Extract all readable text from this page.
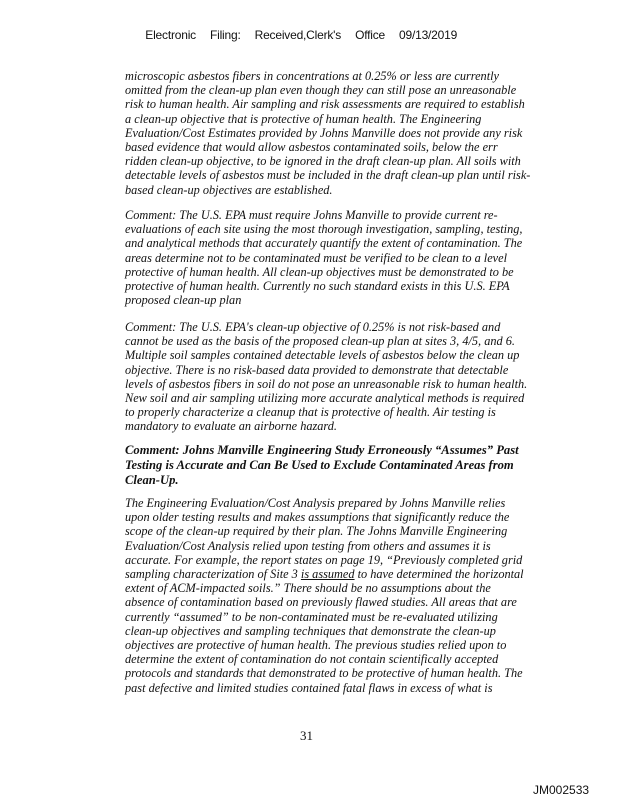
Electronic Filing: Received,Clerk's Office 09/13/2019

microscopic asbestos fibers in concentrations at 0.25% or less are currently
omitted from the clean-up plan even though they can still pose an unreasonable
risk to human health. Air sampling and risk assessments are required to establish
a clean-up objective that is protective of human health. The Engineering
Evaluation/Cost Estimates provided by Johns Manville does not provide any risk
based evidence that would allow asbestos contaminated soils, below the err
ridden clean-up objective, to be ignored in the draft clean-up plan. All soils with
detectable levels of asbestos must be included in the draft clean-up plan until risk-
based clean-up objectives are established.
Comment: The U.S. EPA must require Johns Manville to provide current re-
evaluations of each site using the most thorough investigation, sampling, testing,
and analytical methods that accurately quantify the extent of contamination. The
areas determine not to be contaminated must be verified to be clean to a level
protective of human health. All clean-up objectives must be demonstrated to be
protective of human health. Currently no such standard exists in this U.S. EPA
proposed clean-up plan
Comment: The U.S. EPA's clean-up objective of 0.25% is not risk-based and
cannot be used as the basis of the proposed clean-up plan at sites 3, 4/5, and 6.
Multiple soil samples contained detectable levels of asbestos below the clean up
objective. There is no risk-based data provided to demonstrate that detectable
levels of asbestos fibers in soil do not pose an unreasonable risk to human health.
New soil and air sampling utilizing more accurate analytical methods is required
to properly characterize a cleanup that is protective of health. Air testing is
mandatory to evaluate an airborne hazard.
Comment: Johns Manville Engineering Study Erroneously “Assumes” Past
Testing is Accurate and Can Be Used to Exclude Contaminated Areas from
Clean-Up.
The Engineering Evaluation/Cost Analysis prepared by Johns Manville relies
upon older testing results and makes assumptions that significantly reduce the
scope of the clean-up required by their plan. The Johns Manville Engineering
Evaluation/Cost Analysis relied upon testing from others and assumes it is
accurate. For example, the report states on page 19, “Previously completed grid
sampling characterization of Site 3 is assumed to have determined the horizontal
extent of ACM-impacted soils.” There should be no assumptions about the
absence of contamination based on previously flawed studies. All areas that are
currently “assumed” to be non-contaminated must be re-evaluated utilizing
clean-up objectives and sampling techniques that demonstrate the clean-up
objectives are protective of human health. The previous studies relied upon to
determine the extent of contamination do not contain scientifically accepted
protocols and standards that demonstrated to be protective of human health. The
past defective and limited studies contained fatal flaws in excess of what is
31
JM002533
